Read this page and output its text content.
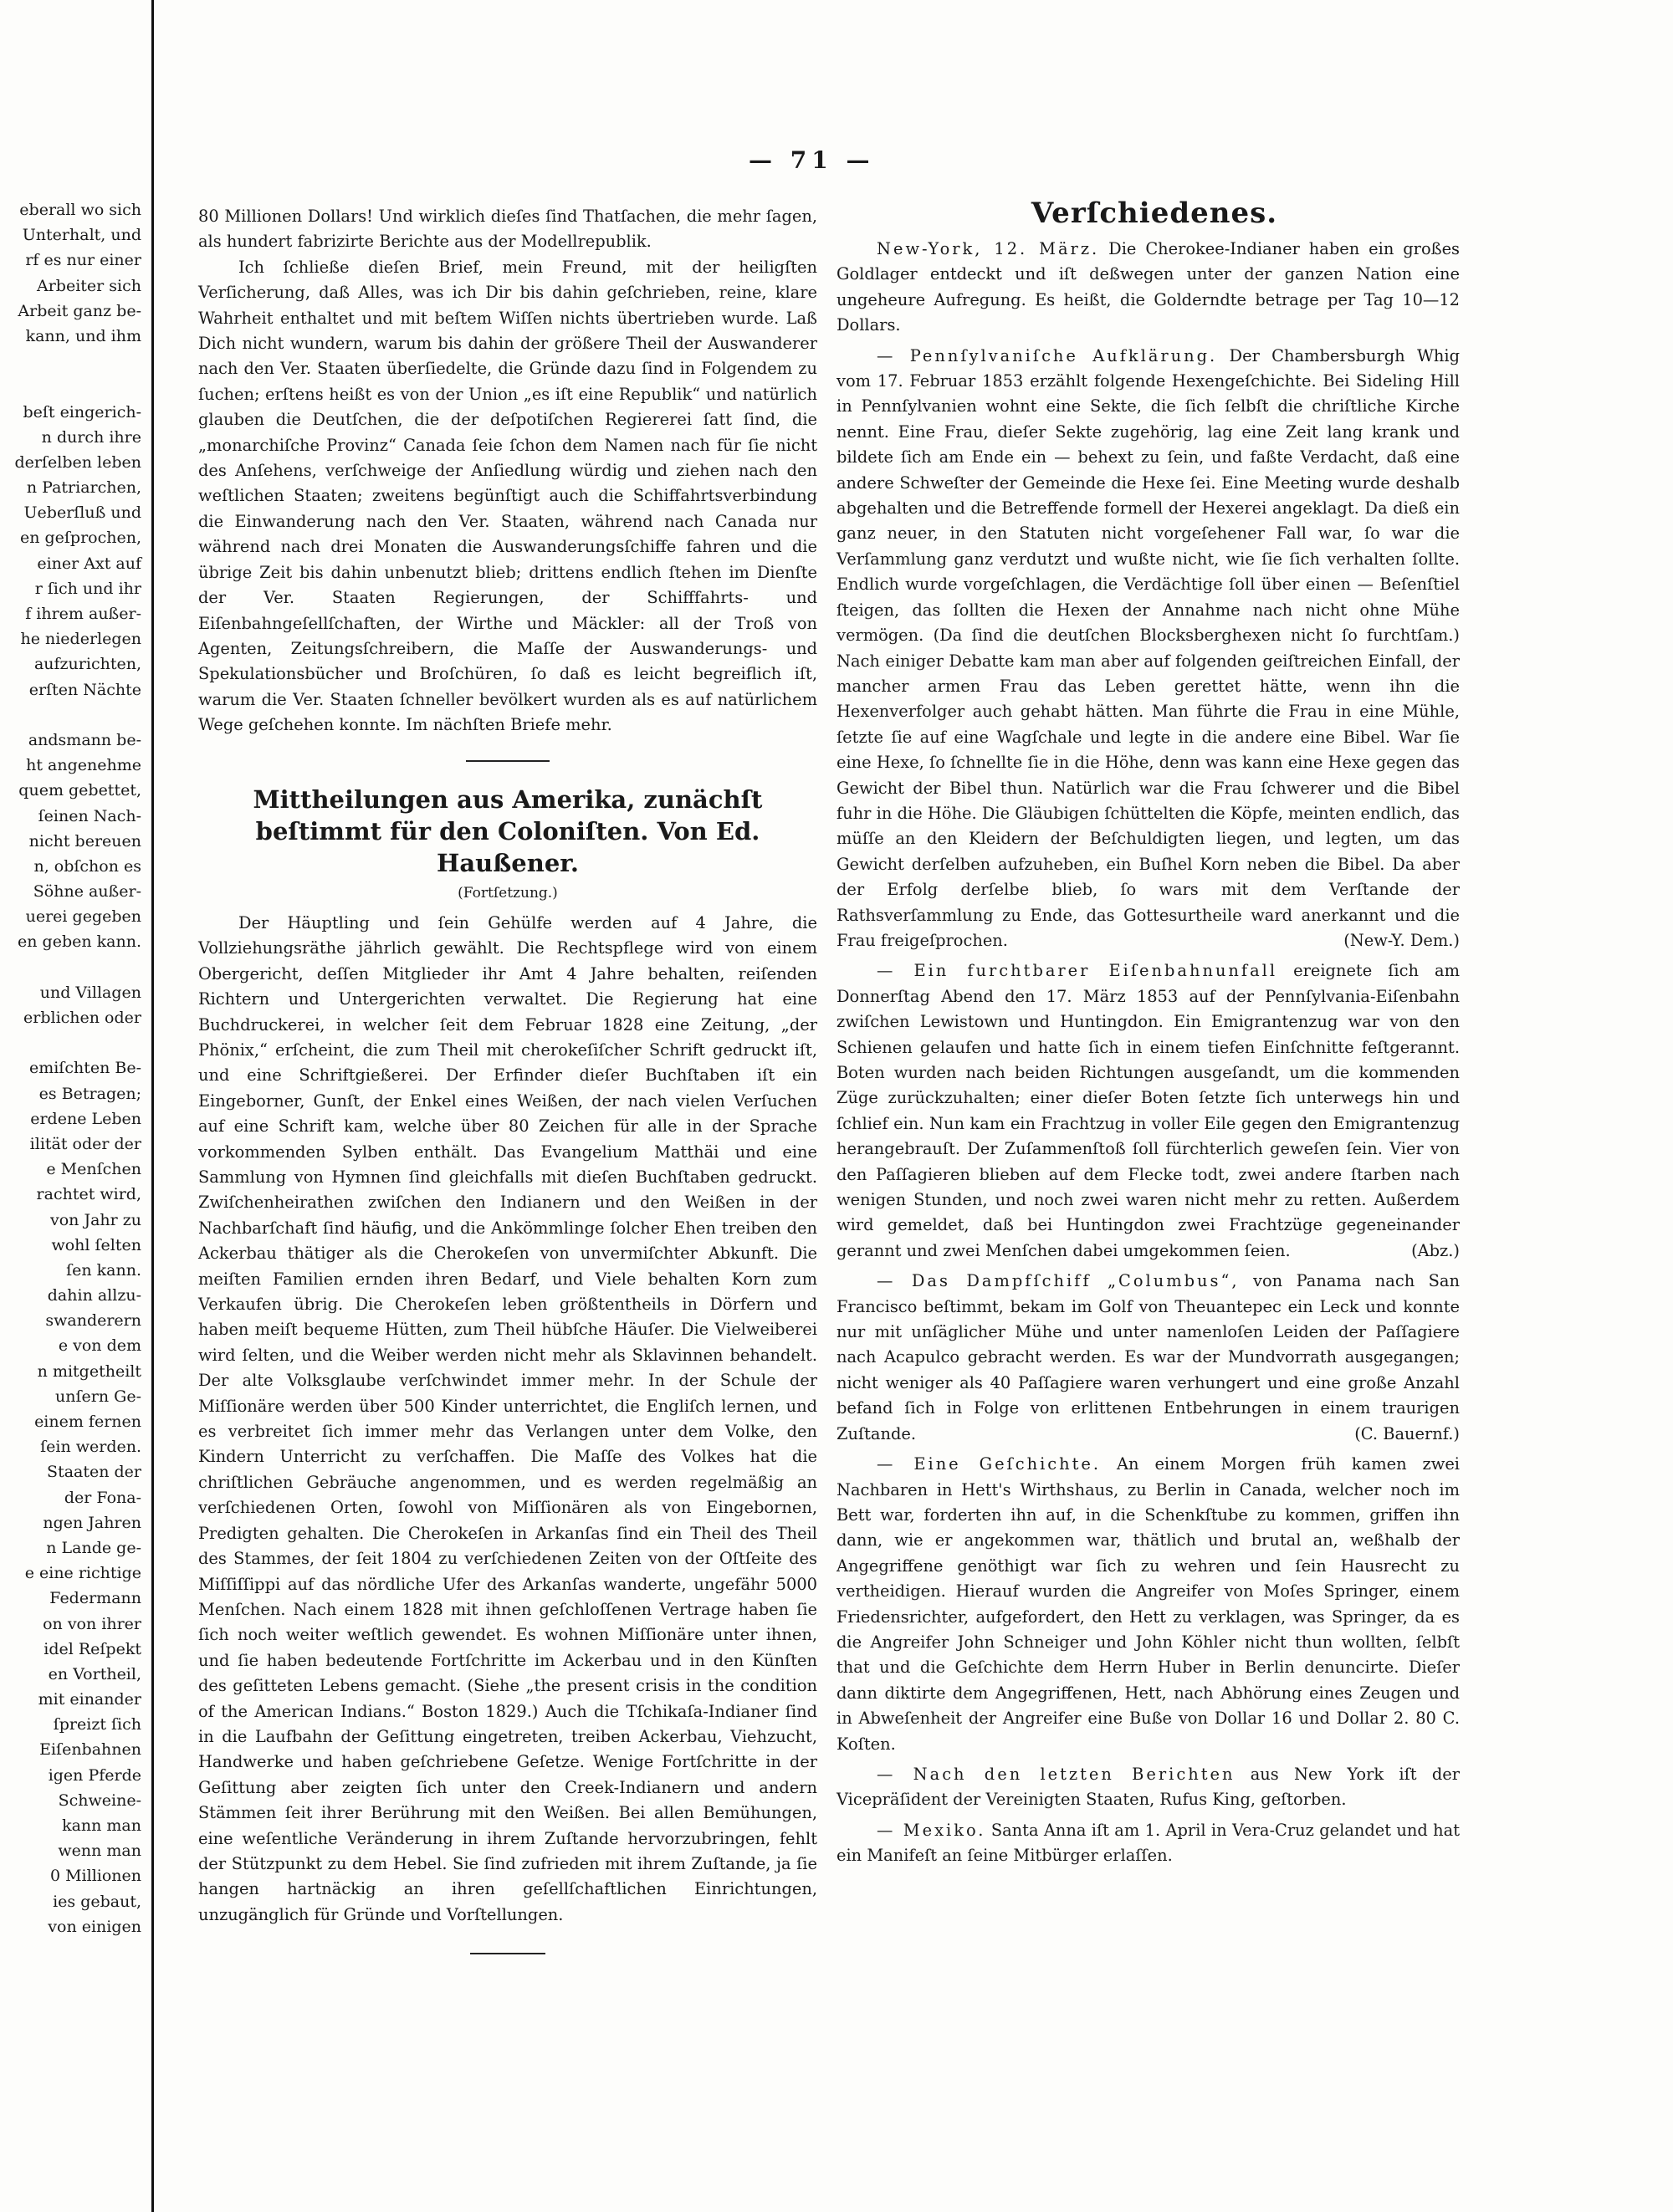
eberall wo sich
Unterhalt, und
rf es nur einer
Arbeiter sich
Arbeit ganz be-
kann, und ihm
beſt eingerich-
n durch ihre
derſelben leben
n Patriarchen,
Ueberſluß und
en geſprochen,
einer Axt auf
r ſich und ihr
f ihrem außer-
he niederlegen
aufzurichten,
erſten Nächte
andsmann be-
ht angenehme
quem gebettet,
ſeinen Nach-
nicht bereuen
n, obſchon es
Söhne außer-
uerei gegeben
en geben kann.
und Villagen
erblichen oder
emiſchten Be-
es Betragen;
erdene Leben
ilität oder der
e Menſchen
rachtet wird,
von Jahr zu
wohl ſelten
ſen kann.
dahin allzu-
swanderern
e von dem
n mitgetheilt
unſern Ge-
einem fernen
ſein werden.
Staaten der
der Fona-
ngen Jahren
n Lande ge-
e eine richtige
Federmann
on von ihrer
idel Reſpekt
en Vortheil,
mit einander
ſpreizt ſich
Eiſenbahnen
igen Pferde
Schweine-
kann man
wenn man
0 Millionen
ies gebaut,
von einigen
— 71 —

80 Millionen Dollars! Und wirklich dieſes ſind Thatſachen, die mehr ſagen, als hundert fabrizirte Berichte aus der Modellrepublik.

Ich ſchließe dieſen Brief, mein Freund, mit der heiligſten Verſicherung, daß Alles, was ich Dir bis dahin geſchrieben, reine, klare Wahrheit enthaltet und mit beſtem Wiſſen nichts übertrieben wurde. Laß Dich nicht wundern, warum bis dahin der größere Theil der Auswanderer nach den Ver. Staaten überſiedelte, die Gründe dazu ſind in Folgendem zu ſuchen; erſtens heißt es von der Union „es iſt eine Republik“ und natürlich glauben die Deutſchen, die der deſpotiſchen Regiererei ſatt ſind, die „monarchiſche Provinz“ Canada ſeie ſchon dem Namen nach für ſie nicht des Anſehens, verſchweige der Anſiedlung würdig und ziehen nach den weſtlichen Staaten; zweitens begünſtigt auch die Schiffahrtsverbindung die Einwanderung nach den Ver. Staaten, während nach Canada nur während nach drei Monaten die Auswanderungsſchiffe fahren und die übrige Zeit bis dahin unbenutzt blieb; drittens endlich ſtehen im Dienſte der Ver. Staaten Regierungen, der Schifffahrts- und Eiſenbahngeſellſchaften, der Wirthe und Mäckler: all der Troß von Agenten, Zeitungsſchreibern, die Maſſe der Auswanderungs- und Spekulationsbücher und Broſchüren, ſo daß es leicht begreiflich iſt, warum die Ver. Staaten ſchneller bevölkert wurden als es auf natürlichem Wege geſchehen konnte. Im nächſten Briefe mehr.

Mittheilungen aus Amerika, zunächſt beſtimmt für den Coloniſten. Von Ed. Haußener.
(Fortſetzung.)

Der Häuptling und ſein Gehülfe werden auf 4 Jahre, die Vollziehungsräthe jährlich gewählt. Die Rechtspflege wird von einem Obergericht, deſſen Mitglieder ihr Amt 4 Jahre behalten, reiſenden Richtern und Untergerichten verwaltet. Die Regierung hat eine Buchdruckerei, in welcher ſeit dem Februar 1828 eine Zeitung, „der Phönix,“ erſcheint, die zum Theil mit cherokeſiſcher Schrift gedruckt iſt, und eine Schriftgießerei. Der Erfinder dieſer Buchſtaben iſt ein Eingeborner, Gunſt, der Enkel eines Weißen, der nach vielen Verſuchen auf eine Schrift kam, welche über 80 Zeichen für alle in der Sprache vorkommenden Sylben enthält. Das Evangelium Matthäi und eine Sammlung von Hymnen ſind gleichfalls mit dieſen Buchſtaben gedruckt. Zwiſchenheirathen zwiſchen den Indianern und den Weißen in der Nachbarſchaft ſind häufig, und die Ankömmlinge ſolcher Ehen treiben den Ackerbau thätiger als die Cherokeſen von unvermiſchter Abkunft. Die meiſten Familien ernden ihren Bedarf, und Viele behalten Korn zum Verkaufen übrig. Die Cherokeſen leben größtentheils in Dörfern und haben meiſt bequeme Hütten, zum Theil hübſche Häuſer. Die Vielweiberei wird ſelten, und die Weiber werden nicht mehr als Sklavinnen behandelt. Der alte Volksglaube verſchwindet immer mehr. In der Schule der Miſſionäre werden über 500 Kinder unterrichtet, die Engliſch lernen, und es verbreitet ſich immer mehr das Verlangen unter dem Volke, den Kindern Unterricht zu verſchaffen. Die Maſſe des Volkes hat die chriſtlichen Gebräuche angenommen, und es werden regelmäßig an verſchiedenen Orten, ſowohl von Miſſionären als von Eingebornen, Predigten gehalten. Die Cherokeſen in Arkanſas ſind ein Theil des Theil des Stammes, der ſeit 1804 zu verſchiedenen Zeiten von der Oſtſeite des Miſſiſſippi auf das nördliche Ufer des Arkanſas wanderte, ungefähr 5000 Menſchen. Nach einem 1828 mit ihnen geſchloſſenen Vertrage haben ſie ſich noch weiter weſtlich gewendet. Es wohnen Miſſionäre unter ihnen, und ſie haben bedeutende Fortſchritte im Ackerbau und in den Künſten des geſitteten Lebens gemacht. (Siehe „the present crisis in the condition of the American Indians.“ Boston 1829.) Auch die Tſchikaſa-Indianer ſind in die Laufbahn der Geſittung eingetreten, treiben Ackerbau, Viehzucht, Handwerke und haben geſchriebene Geſetze. Wenige Fortſchritte in der Geſittung aber zeigten ſich unter den Creek-Indianern und andern Stämmen ſeit ihrer Berührung mit den Weißen. Bei allen Bemühungen, eine weſentliche Veränderung in ihrem Zuſtande hervorzubringen, fehlt der Stützpunkt zu dem Hebel. Sie ſind zufrieden mit ihrem Zuſtande, ja ſie hangen hartnäckig an ihren geſellſchaftlichen Einrichtungen, unzugänglich für Gründe und Vorſtellungen.

Verſchiedenes.

New-York, 12. März. Die Cherokee-Indianer haben ein großes Goldlager entdeckt und iſt deßwegen unter der ganzen Nation eine ungeheure Aufregung. Es heißt, die Golderndte betrage per Tag 10—12 Dollars.

— Pennſylvaniſche Aufklärung. Der Chambersburgh Whig vom 17. Februar 1853 erzählt folgende Hexengeſchichte. Bei Sideling Hill in Pennſylvanien wohnt eine Sekte, die ſich ſelbſt die chriſtliche Kirche nennt. Eine Frau, dieſer Sekte zugehörig, lag eine Zeit lang krank und bildete ſich am Ende ein — behext zu ſein, und faßte Verdacht, daß eine andere Schweſter der Gemeinde die Hexe ſei. Eine Meeting wurde deshalb abgehalten und die Betreffende formell der Hexerei angeklagt. Da dieß ein ganz neuer, in den Statuten nicht vorgeſehener Fall war, ſo war die Verſammlung ganz verdutzt und wußte nicht, wie ſie ſich verhalten ſollte. Endlich wurde vorgeſchlagen, die Verdächtige ſoll über einen — Beſenſtiel ſteigen, das ſollten die Hexen der Annahme nach nicht ohne Mühe vermögen. (Da ſind die deutſchen Blocksberghexen nicht ſo furchtſam.) Nach einiger Debatte kam man aber auf folgenden geiſtreichen Einfall, der mancher armen Frau das Leben gerettet hätte, wenn ihn die Hexenverfolger auch gehabt hätten. Man führte die Frau in eine Mühle, ſetzte ſie auf eine Wagſchale und legte in die andere eine Bibel. War ſie eine Hexe, ſo ſchnellte ſie in die Höhe, denn was kann eine Hexe gegen das Gewicht der Bibel thun. Natürlich war die Frau ſchwerer und die Bibel fuhr in die Höhe. Die Gläubigen ſchüttelten die Köpfe, meinten endlich, das müſſe an den Kleidern der Beſchuldigten liegen, und legten, um das Gewicht derſelben aufzuheben, ein Buſhel Korn neben die Bibel. Da aber der Erfolg derſelbe blieb, ſo wars mit dem Verſtande der Rathsverſammlung zu Ende, das Gottesurtheile ward anerkannt und die Frau freigeſprochen.	(New-Y. Dem.)

— Ein furchtbarer Eiſenbahnunfall ereignete ſich am Donnerſtag Abend den 17. März 1853 auf der Pennſylvania-Eiſenbahn zwiſchen Lewistown und Huntingdon. Ein Emigrantenzug war von den Schienen gelaufen und hatte ſich in einem tiefen Einſchnitte feſtgerannt. Boten wurden nach beiden Richtungen ausgeſandt, um die kommenden Züge zurückzuhalten; einer dieſer Boten ſetzte ſich unterwegs hin und ſchlief ein. Nun kam ein Frachtzug in voller Eile gegen den Emigrantenzug herangebrauſt. Der Zuſammenſtoß ſoll fürchterlich geweſen ſein. Vier von den Paſſagieren blieben auf dem Flecke todt, zwei andere ſtarben nach wenigen Stunden, und noch zwei waren nicht mehr zu retten. Außerdem wird gemeldet, daß bei Huntingdon zwei Frachtzüge gegeneinander gerannt und zwei Menſchen dabei umgekommen ſeien.	(Abz.)

— Das Dampfſchiff „Columbus“, von Panama nach San Francisco beſtimmt, bekam im Golf von Theuantepec ein Leck und konnte nur mit unſäglicher Mühe und unter namenloſen Leiden der Paſſagiere nach Acapulco gebracht werden. Es war der Mundvorrath ausgegangen; nicht weniger als 40 Paſſagiere waren verhungert und eine große Anzahl befand ſich in Folge von erlittenen Entbehrungen in einem traurigen Zuſtande.	(C. Bauernf.)

— Eine Geſchichte. An einem Morgen früh kamen zwei Nachbaren in Hett's Wirthshaus, zu Berlin in Canada, welcher noch im Bett war, forderten ihn auf, in die Schenkſtube zu kommen, griffen ihn dann, wie er angekommen war, thätlich und brutal an, weßhalb der Angegriffene genöthigt war ſich zu wehren und ſein Hausrecht zu vertheidigen. Hierauf wurden die Angreifer von Moſes Springer, einem Friedensrichter, aufgefordert, den Hett zu verklagen, was Springer, da es die Angreifer John Schneiger und John Köhler nicht thun wollten, ſelbſt that und die Geſchichte dem Herrn Huber in Berlin denuncirte. Dieſer dann diktirte dem Angegriffenen, Hett, nach Abhörung eines Zeugen und in Abweſenheit der Angreifer eine Buße von Dollar 16 und Dollar 2. 80 C. Koſten.

— Nach den letzten Berichten aus New York iſt der Vicepräſident der Vereinigten Staaten, Rufus King, geſtorben.

— Mexiko. Santa Anna iſt am 1. April in Vera-Cruz gelandet und hat ein Manifeſt an ſeine Mitbürger erlaſſen.
